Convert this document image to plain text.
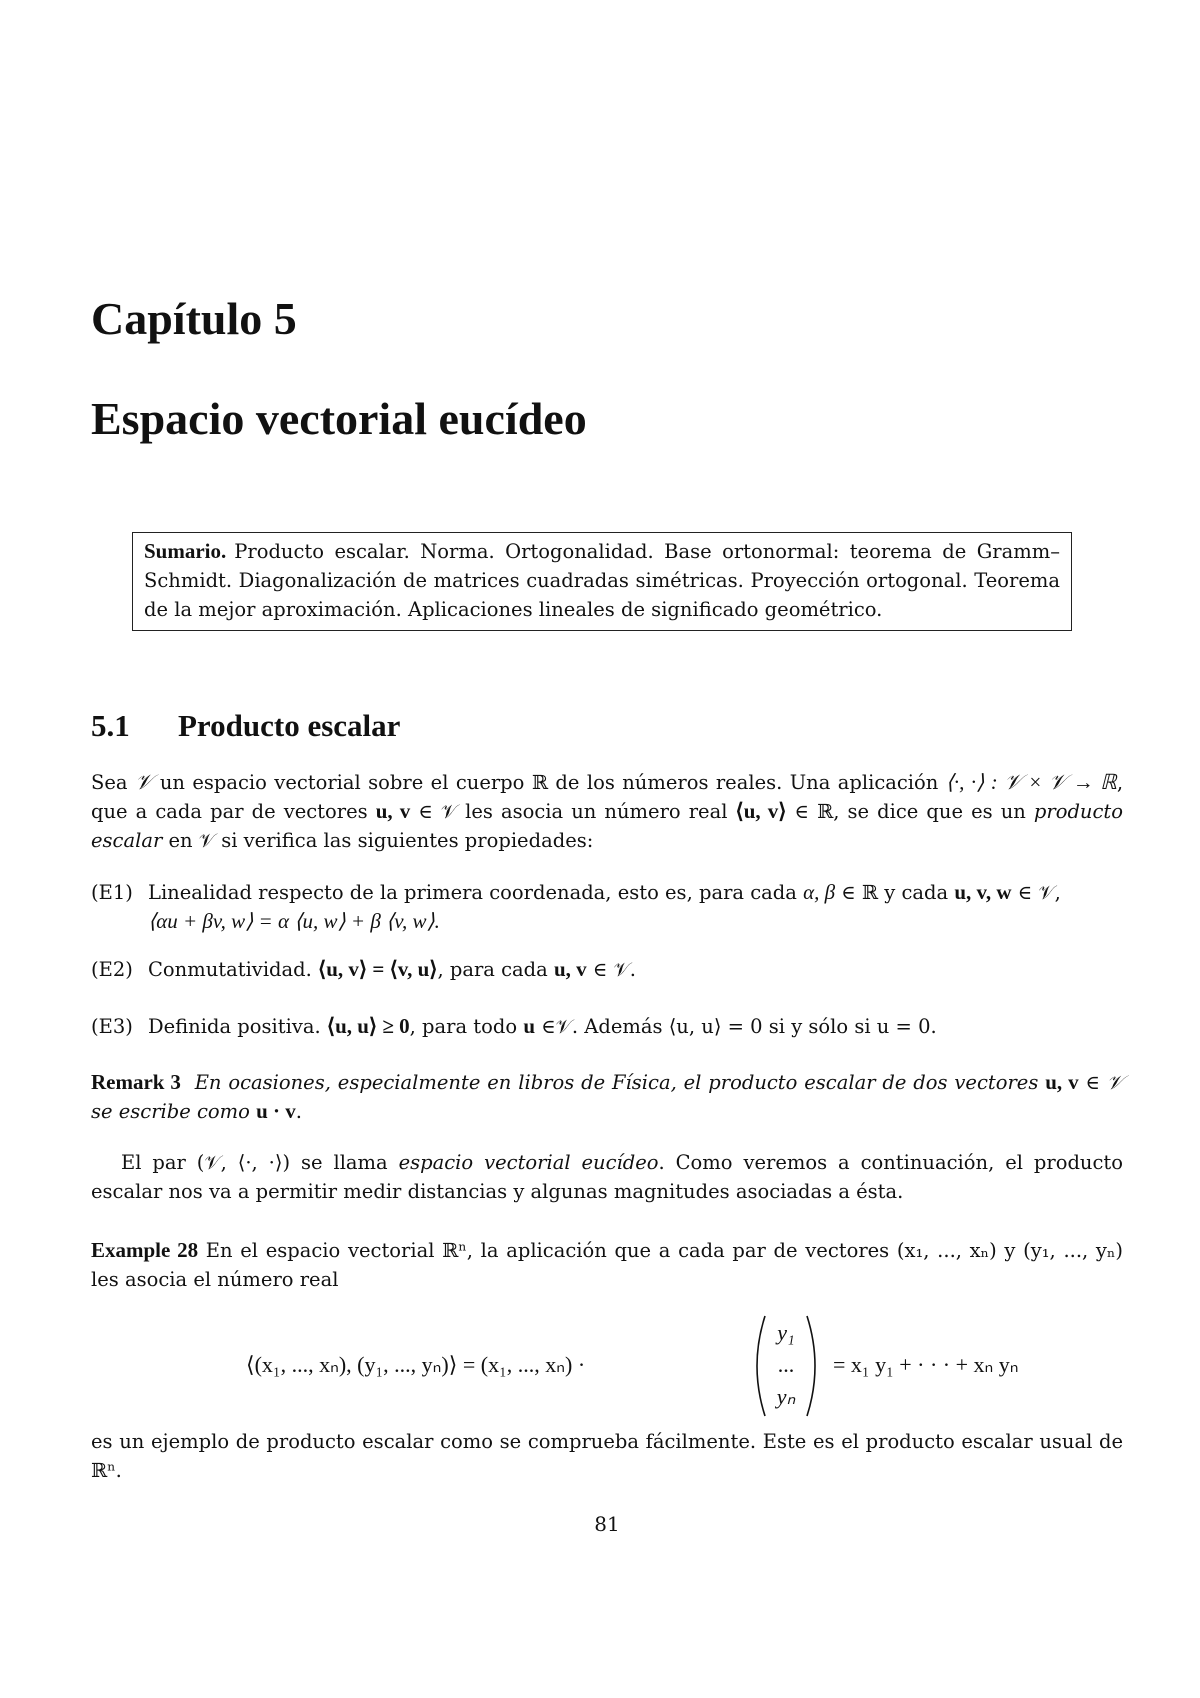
Capítulo 5
Espacio vectorial eucídeo
Sumario. Producto escalar. Norma. Ortogonalidad. Base ortonormal: teorema de Gramm–Schmidt. Diagonalización de matrices cuadradas simétricas. Proyección ortogonal. Teorema de la mejor aproximación. Aplicaciones lineales de significado geométrico.
5.1 Producto escalar
Sea 𝒱 un espacio vectorial sobre el cuerpo ℝ de los números reales. Una aplicación ⟨·, ·⟩ : 𝒱 × 𝒱 → ℝ, que a cada par de vectores u, v ∈ 𝒱 les asocia un número real ⟨u, v⟩ ∈ ℝ, se dice que es un producto escalar en 𝒱 si verifica las siguientes propiedades:
(E1) Linealidad respecto de la primera coordenada, esto es, para cada α, β ∈ ℝ y cada u, v, w ∈ 𝒱,
⟨αu + βv, w⟩ = α ⟨u, w⟩ + β ⟨v, w⟩.
(E2) Conmutatividad. ⟨u, v⟩ = ⟨v, u⟩, para cada u, v ∈ 𝒱.
(E3) Definida positiva. ⟨u, u⟩ ≥ 0, para todo u ∈𝒱. Además ⟨u, u⟩ = 0 si y sólo si u = 0.
Remark 3 En ocasiones, especialmente en libros de Física, el producto escalar de dos vectores u, v ∈ 𝒱 se escribe como u · v.
El par (𝒱, ⟨·, ·⟩) se llama espacio vectorial eucídeo. Como veremos a continuación, el producto escalar nos va a permitir medir distancias y algunas magnitudes asociadas a ésta.
Example 28 En el espacio vectorial ℝⁿ, la aplicación que a cada par de vectores (x₁, ..., xₙ) y (y₁, ..., yₙ) les asocia el número real
⟨(x₁, ..., xₙ), (y₁, ..., yₙ)⟩ = (x₁, ..., xₙ) ·
y₁
...
yₙ
= x₁ y₁ + · · · + xₙ yₙ
es un ejemplo de producto escalar como se comprueba fácilmente. Este es el producto escalar usual de ℝⁿ.
81
